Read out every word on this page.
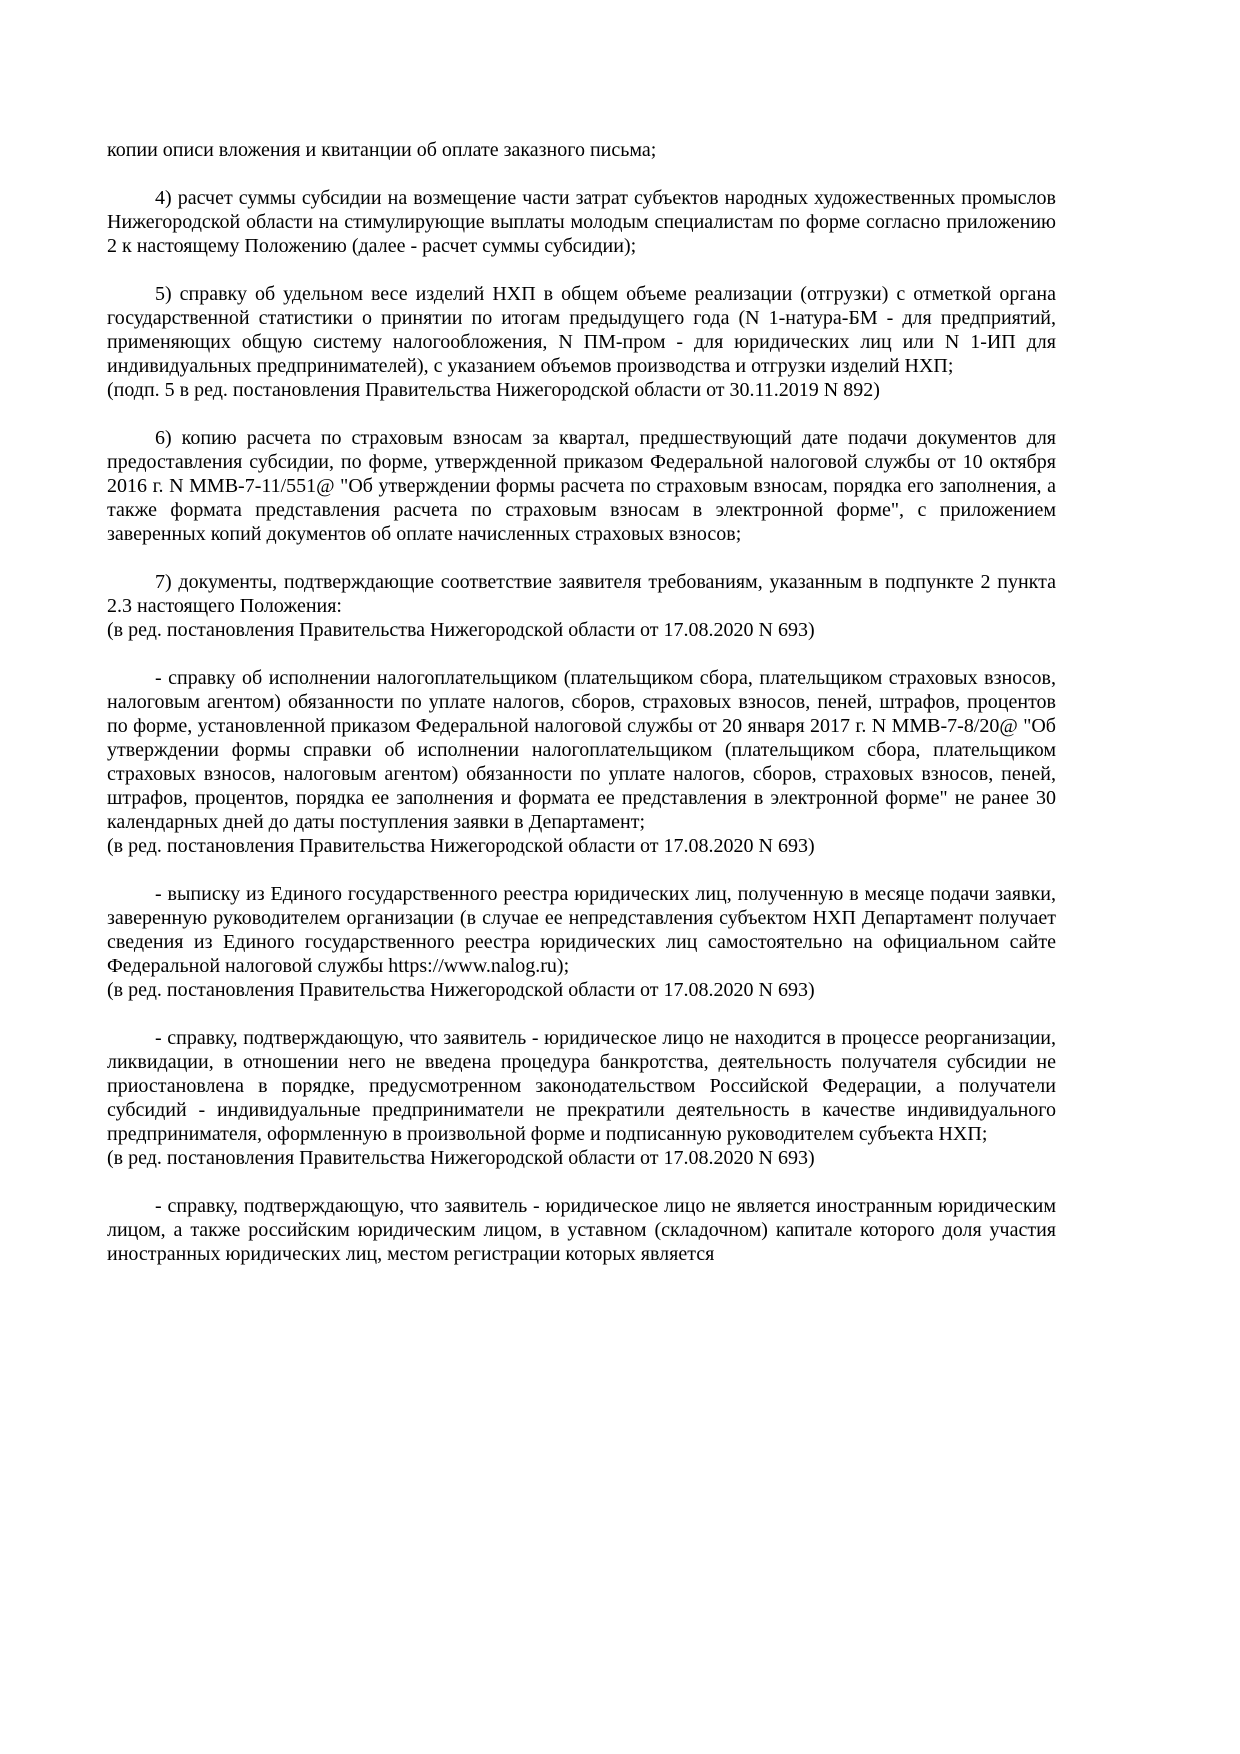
копии описи вложения и квитанции об оплате заказного письма;

4) расчет суммы субсидии на возмещение части затрат субъектов народных художественных промыслов Нижегородской области на стимулирующие выплаты молодым специалистам по форме согласно приложению 2 к настоящему Положению (далее - расчет суммы субсидии);

5) справку об удельном весе изделий НХП в общем объеме реализации (отгрузки) с отметкой органа государственной статистики о принятии по итогам предыдущего года (N 1-натура-БМ - для предприятий, применяющих общую систему налогообложения, N ПМ-пром - для юридических лиц или N 1-ИП для индивидуальных предпринимателей), с указанием объемов производства и отгрузки изделий НХП;

(подп. 5 в ред. постановления Правительства Нижегородской области от 30.11.2019 N 892)

6) копию расчета по страховым взносам за квартал, предшествующий дате подачи документов для предоставления субсидии, по форме, утвержденной приказом Федеральной налоговой службы от 10 октября 2016 г. N ММВ-7-11/551@ "Об утверждении формы расчета по страховым взносам, порядка его заполнения, а также формата представления расчета по страховым взносам в электронной форме", с приложением заверенных копий документов об оплате начисленных страховых взносов;

7) документы, подтверждающие соответствие заявителя требованиям, указанным в подпункте 2 пункта 2.3 настоящего Положения:

(в ред. постановления Правительства Нижегородской области от 17.08.2020 N 693)

- справку об исполнении налогоплательщиком (плательщиком сбора, плательщиком страховых взносов, налоговым агентом) обязанности по уплате налогов, сборов, страховых взносов, пеней, штрафов, процентов по форме, установленной приказом Федеральной налоговой службы от 20 января 2017 г. N ММВ-7-8/20@ "Об утверждении формы справки об исполнении налогоплательщиком (плательщиком сбора, плательщиком страховых взносов, налоговым агентом) обязанности по уплате налогов, сборов, страховых взносов, пеней, штрафов, процентов, порядка ее заполнения и формата ее представления в электронной форме" не ранее 30 календарных дней до даты поступления заявки в Департамент;

(в ред. постановления Правительства Нижегородской области от 17.08.2020 N 693)

- выписку из Единого государственного реестра юридических лиц, полученную в месяце подачи заявки, заверенную руководителем организации (в случае ее непредставления субъектом НХП Департамент получает сведения из Единого государственного реестра юридических лиц самостоятельно на официальном сайте Федеральной налоговой службы https://www.nalog.ru);

(в ред. постановления Правительства Нижегородской области от 17.08.2020 N 693)

- справку, подтверждающую, что заявитель - юридическое лицо не находится в процессе реорганизации, ликвидации, в отношении него не введена процедура банкротства, деятельность получателя субсидии не приостановлена в порядке, предусмотренном законодательством Российской Федерации, а получатели субсидий - индивидуальные предприниматели не прекратили деятельность в качестве индивидуального предпринимателя, оформленную в произвольной форме и подписанную руководителем субъекта НХП;

(в ред. постановления Правительства Нижегородской области от 17.08.2020 N 693)

- справку, подтверждающую, что заявитель - юридическое лицо не является иностранным юридическим лицом, а также российским юридическим лицом, в уставном (складочном) капитале которого доля участия иностранных юридических лиц, местом регистрации которых является
